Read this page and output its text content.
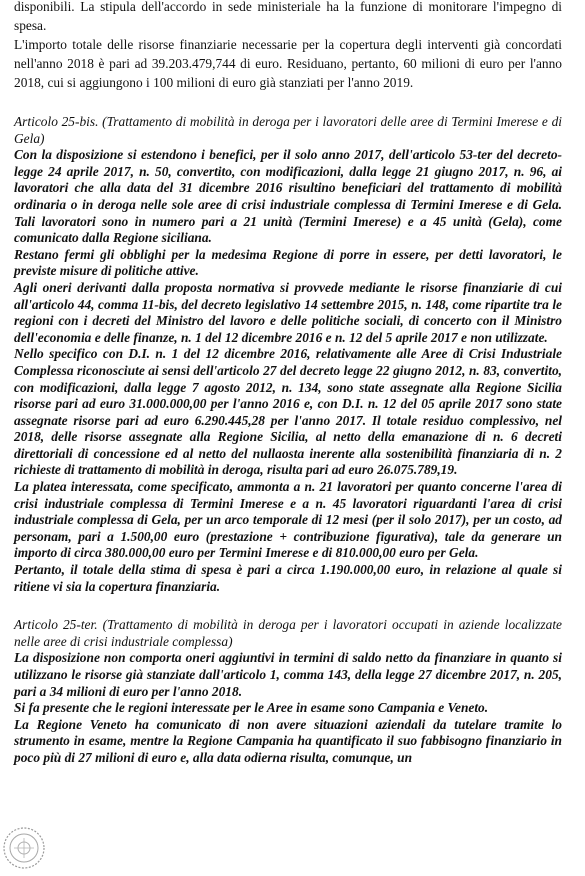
disponibili. La stipula dell'accordo in sede ministeriale ha la funzione di monitorare l'impegno di spesa.

L'importo totale delle risorse finanziarie necessarie per la copertura degli interventi già concordati nell'anno 2018 è pari ad 39.203.479,744 di euro. Residuano, pertanto, 60 milioni di euro per l'anno 2018, cui si aggiungono i 100 milioni di euro già stanziati per l'anno 2019.

Articolo 25-bis. (Trattamento di mobilità in deroga per i lavoratori delle aree di Termini Imerese e di Gela)

Con la disposizione si estendono i benefici, per il solo anno 2017, dell'articolo 53-ter del decreto-legge 24 aprile 2017, n. 50, convertito, con modificazioni, dalla legge 21 giugno 2017, n. 96, ai lavoratori che alla data del 31 dicembre 2016 risultino beneficiari del trattamento di mobilità ordinaria o in deroga nelle sole aree di crisi industriale complessa di Termini Imerese e di Gela. Tali lavoratori sono in numero pari a 21 unità (Termini Imerese) e a 45 unità (Gela), come comunicato dalla Regione siciliana.

Restano fermi gli obblighi per la medesima Regione di porre in essere, per detti lavoratori, le previste misure di politiche attive.

Agli oneri derivanti dalla proposta normativa si provvede mediante le risorse finanziarie di cui all'articolo 44, comma 11-bis, del decreto legislativo 14 settembre 2015, n. 148, come ripartite tra le regioni con i decreti del Ministro del lavoro e delle politiche sociali, di concerto con il Ministro dell'economia e delle finanze, n. 1 del 12 dicembre 2016 e n. 12 del 5 aprile 2017 e non utilizzate.

Nello specifico con D.I. n. 1 del 12 dicembre 2016, relativamente alle Aree di Crisi Industriale Complessa riconosciute ai sensi dell'articolo 27 del decreto legge 22 giugno 2012, n. 83, convertito, con modificazioni, dalla legge 7 agosto 2012, n. 134, sono state assegnate alla Regione Sicilia risorse pari ad euro 31.000.000,00 per l'anno 2016 e, con D.I. n. 12 del 05 aprile 2017 sono state assegnate risorse pari ad euro 6.290.445,28 per l'anno 2017. Il totale residuo complessivo, nel 2018, delle risorse assegnate alla Regione Sicilia, al netto della emanazione di n. 6 decreti direttoriali di concessione ed al netto del nullaosta inerente alla sostenibilità finanziaria di n. 2 richieste di trattamento di mobilità in deroga, risulta pari ad euro 26.075.789,19.

La platea interessata, come specificato, ammonta a n. 21 lavoratori per quanto concerne l'area di crisi industriale complessa di Termini Imerese e a n. 45 lavoratori riguardanti l'area di crisi industriale complessa di Gela, per un arco temporale di 12 mesi (per il solo 2017), per un costo, ad personam, pari a 1.500,00 euro (prestazione + contribuzione figurativa), tale da generare un importo di circa 380.000,00 euro per Termini Imerese e di 810.000,00 euro per Gela.

Pertanto, il totale della stima di spesa è pari a circa 1.190.000,00 euro, in relazione al quale si ritiene vi sia la copertura finanziaria.

Articolo 25-ter. (Trattamento di mobilità in deroga per i lavoratori occupati in aziende localizzate nelle aree di crisi industriale complessa)

La disposizione non comporta oneri aggiuntivi in termini di saldo netto da finanziare in quanto si utilizzano le risorse già stanziate dall'articolo 1, comma 143, della legge 27 dicembre 2017, n. 205, pari a 34 milioni di euro per l'anno 2018.

Si fa presente che le regioni interessate per le Aree in esame sono Campania e Veneto.

La Regione Veneto ha comunicato di non avere situazioni aziendali da tutelare tramite lo strumento in esame, mentre la Regione Campania ha quantificato il suo fabbisogno finanziario in poco più di 27 milioni di euro e, alla data odierna risulta, comunque, un
